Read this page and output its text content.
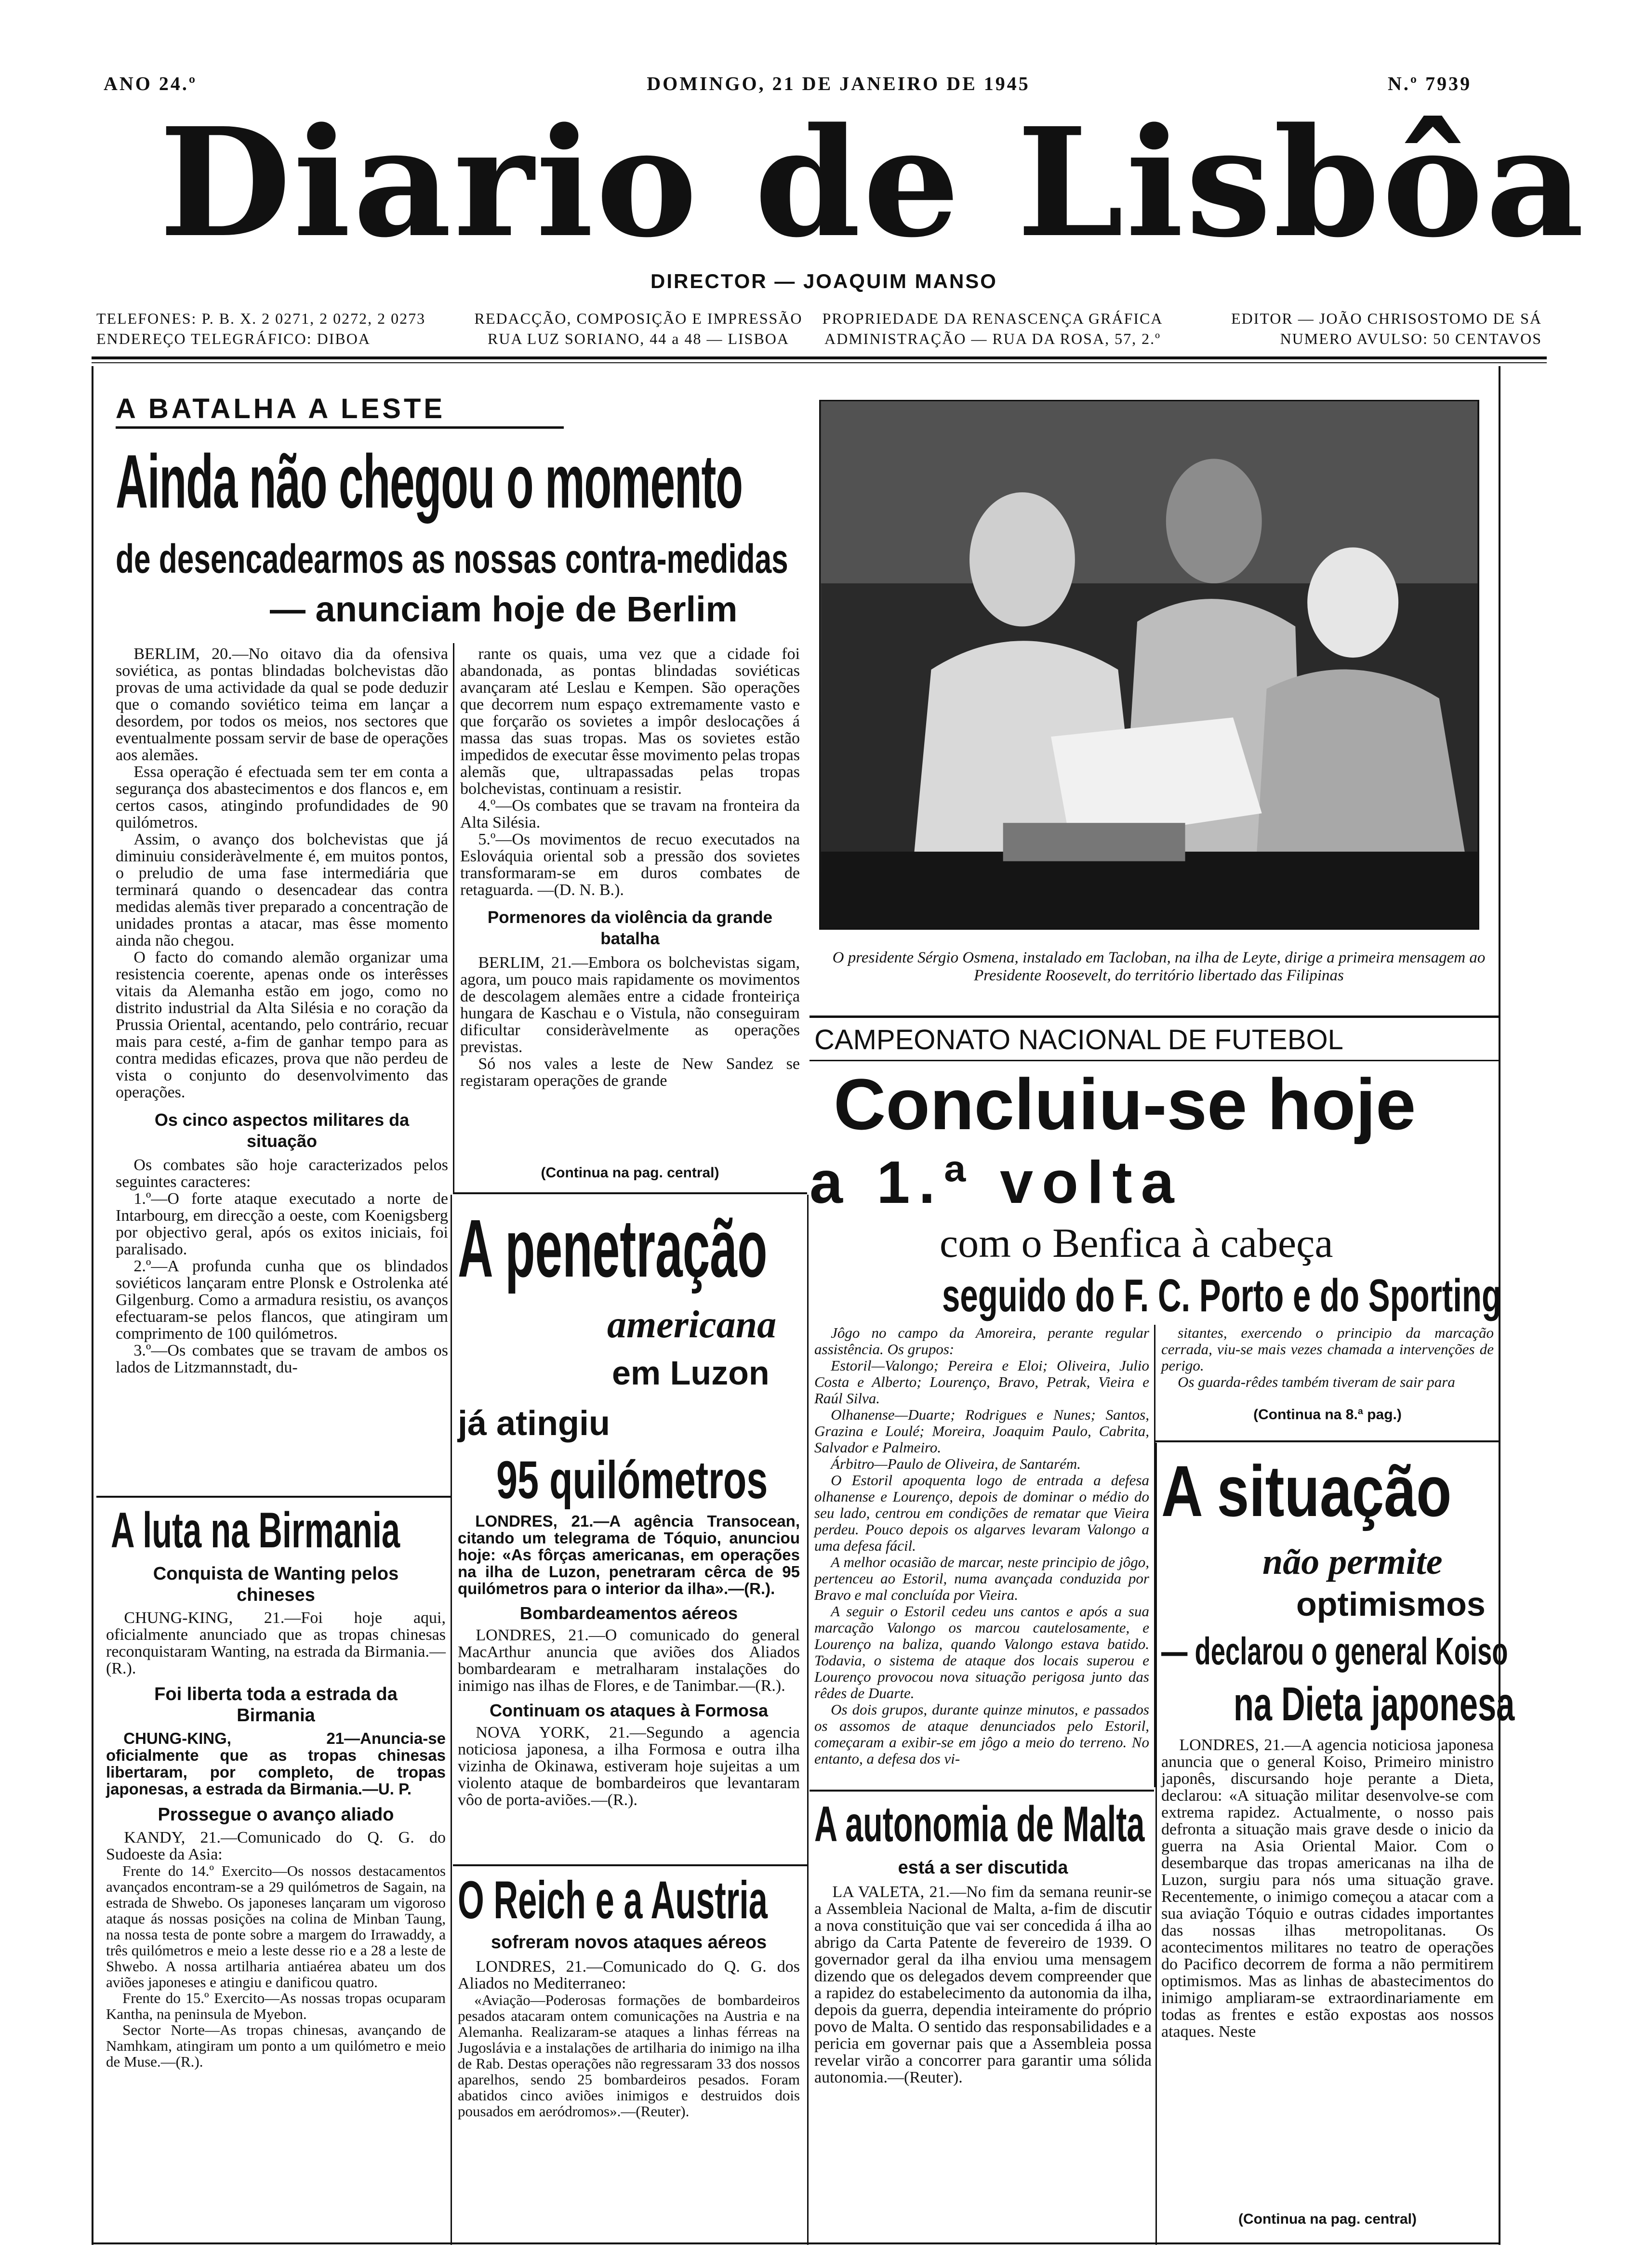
ANO 24.º	DOMINGO, 21 DE JANEIRO DE 1945	N.º 7939
Diario de Lisbôa
DIRECTOR — JOAQUIM MANSO
TELEFONES: P. B. X. 2 0271, 2 0272, 2 0273
ENDEREÇO TELEGRÁFICO: DIBOA
REDACÇÃO, COMPOSIÇÃO E IMPRESSÃO
RUA LUZ SORIANO, 44 a 48 — LISBOA
PROPRIEDADE DA RENASCENÇA GRÁFICA
ADMINISTRAÇÃO — RUA DA ROSA, 57, 2.º
EDITOR — JOÃO CHRISOSTOMO DE SÁ
NUMERO AVULSO: 50 CENTAVOS
A BATALHA A LESTE
Ainda não chegou o momento
de desencadearmos as nossas contra-medidas
— anunciam hoje de Berlim

BERLIM, 20.—No oitavo dia da ofensiva soviética, as pontas blindadas bolchevistas dão provas de uma actividade da qual se pode deduzir que o comando soviético teima em lançar a desordem, por todos os meios, nos sectores que eventualmente possam servir de base de operações aos alemães.

Essa operação é efectuada sem ter em conta a segurança dos abastecimentos e dos flancos e, em certos casos, atingindo profundidades de 90 quilómetros.

Assim, o avanço dos bolchevistas que já diminuiu consideràvelmente é, em muitos pontos, o preludio de uma fase intermediária que terminará quando o desencadear das contra medidas alemãs tiver preparado a concentração de unidades prontas a atacar, mas êsse momento ainda não chegou.

O facto do comando alemão organizar uma resistencia coerente, apenas onde os interêsses vitais da Alemanha estão em jogo, como no distrito industrial da Alta Silésia e no coração da Prussia Oriental, acentando, pelo contrário, recuar mais para cesté, a-fim de ganhar tempo para as contra medidas eficazes, prova que não perdeu de vista o conjunto do desenvolvimento das operações.

Os cinco aspectos militares da situação

Os combates são hoje caracterizados pelos seguintes caracteres:

1.º—O forte ataque executado a norte de Intarbourg, em direcção a oeste, com Koenigsberg por objectivo geral, após os exitos iniciais, foi paralisado.

2.º—A profunda cunha que os blindados soviéticos lançaram entre Plonsk e Ostrolenka até Gilgenburg. Como a armadura resistiu, os avanços efectuaram-se pelos flancos, que atingiram um comprimento de 100 quilómetros.

3.º—Os combates que se travam de ambos os lados de Litzmannstadt, du-

rante os quais, uma vez que a cidade foi abandonada, as pontas blindadas soviéticas avançaram até Leslau e Kempen. São operações que decorrem num espaço extremamente vasto e que forçarão os sovietes a impôr deslocações á massa das suas tropas. Mas os sovietes estão impedidos de executar êsse movimento pelas tropas alemãs que, ultrapassadas pelas tropas bolchevistas, continuam a resistir.

4.º—Os combates que se travam na fronteira da Alta Silésia.

5.º—Os movimentos de recuo executados na Eslováquia oriental sob a pressão dos sovietes transformaram-se em duros combates de retaguarda. —(D. N. B.).

Pormenores da violência da grande batalha

BERLIM, 21.—Embora os bolchevistas sigam, agora, um pouco mais rapidamente os movimentos de descolagem alemães entre a cidade fronteiriça hungara de Kaschau e o Vistula, não conseguiram dificultar consideràvelmente as operações previstas.

Só nos vales a leste de New Sandez se registaram operações de grande

(Continua na pag. central)
O presidente Sérgio Osmena, instalado em Tacloban, na ilha de Leyte, dirige a primeira mensagem ao Presidente Roosevelt, do território libertado das Filipinas
CAMPEONATO NACIONAL DE FUTEBOL
Concluiu-se hoje
a 1.ª volta
com o Benfica à cabeça
seguido do F. C. Porto e do Sporting

Jôgo no campo da Amoreira, perante regular assistência. Os grupos:

Estoril—Valongo; Pereira e Eloi; Oliveira, Julio Costa e Alberto; Lourenço, Bravo, Petrak, Vieira e Raúl Silva.

Olhanense—Duarte; Rodrigues e Nunes; Santos, Grazina e Loulé; Moreira, Joaquim Paulo, Cabrita, Salvador e Palmeiro.

Árbitro—Paulo de Oliveira, de Santarém.

O Estoril apoquenta logo de entrada a defesa olhanense e Lourenço, depois de dominar o médio do seu lado, centrou em condições de rematar que Vieira perdeu. Pouco depois os algarves levaram Valongo a uma defesa fácil.

A melhor ocasião de marcar, neste principio de jôgo, pertenceu ao Estoril, numa avançada conduzida por Bravo e mal concluída por Vieira.

A seguir o Estoril cedeu uns cantos e após a sua marcação Valongo os marcou cautelosamente, e Lourenço na baliza, quando Valongo estava batido. Todavia, o sistema de ataque dos locais superou e Lourenço provocou nova situação perigosa junto das rêdes de Duarte.

Os dois grupos, durante quinze minutos, e passados os assomos de ataque denunciados pelo Estoril, começaram a exibir-se em jôgo a meio do terreno. No entanto, a defesa dos vi-

sitantes, exercendo o principio da marcação cerrada, viu-se mais vezes chamada a intervenções de perigo.

Os guarda-rêdes também tiveram de sair para

(Continua na 8.ª pag.)
A situação
não permite
optimismos
— declarou o general Koiso
na Dieta japonesa

LONDRES, 21.—A agencia noticiosa japonesa anuncia que o general Koiso, Primeiro ministro japonês, discursando hoje perante a Dieta, declarou: «A situação militar desenvolve-se com extrema rapidez. Actualmente, o nosso pais defronta a situação mais grave desde o inicio da guerra na Asia Oriental Maior. Com o desembarque das tropas americanas na ilha de Luzon, surgiu para nós uma situação grave. Recentemente, o inimigo começou a atacar com a sua aviação Tóquio e outras cidades importantes das nossas ilhas metropolitanas. Os acontecimentos militares no teatro de operações do Pacifico decorrem de forma a não permitirem optimismos. Mas as linhas de abastecimentos do inimigo ampliaram-se extraordinariamente em todas as frentes e estão expostas aos nossos ataques. Neste

(Continua na pag. central)
A luta na Birmania
Conquista de Wanting pelos chineses

CHUNG-KING, 21.—Foi hoje aqui, oficialmente anunciado que as tropas chinesas reconquistaram Wanting, na estrada da Birmania.—(R.).

Foi liberta toda a estrada da Birmania

CHUNG-KING, 21—Anuncia-se oficialmente que as tropas chinesas libertaram, por completo, de tropas japonesas, a estrada da Birmania.—U. P.

Prossegue o avanço aliado

KANDY, 21.—Comunicado do Q. G. do Sudoeste da Asia:

Frente do 14.º Exercito—Os nossos destacamentos avançados encontram-se a 29 quilómetros de Sagain, na estrada de Shwebo. Os japoneses lançaram um vigoroso ataque ás nossas posições na colina de Minban Taung, na nossa testa de ponte sobre a margem do Irrawaddy, a três quilómetros e meio a leste desse rio e a 28 a leste de Shwebo. A nossa artilharia antiaérea abateu um dos aviões japoneses e atingiu e danificou quatro.

Frente do 15.º Exercito—As nossas tropas ocuparam Kantha, na peninsula de Myebon.

Sector Norte—As tropas chinesas, avançando de Namhkam, atingiram um ponto a um quilómetro e meio de Muse.—(R.).

A penetração
americana
em Luzon
já atingiu
95 quilómetros

LONDRES, 21.—A agência Transocean, citando um telegrama de Tóquio, anunciou hoje: «As fôrças americanas, em operações na ilha de Luzon, penetraram cêrca de 95 quilómetros para o interior da ilha».—(R.).

Bombardeamentos aéreos

LONDRES, 21.—O comunicado do general MacArthur anuncia que aviões dos Aliados bombardearam e metralharam instalações do inimigo nas ilhas de Flores, e de Tanimbar.—(R.).

Continuam os ataques à Formosa

NOVA YORK, 21.—Segundo a agencia noticiosa japonesa, a ilha Formosa e outra ilha vizinha de Okinawa, estiveram hoje sujeitas a um violento ataque de bombardeiros que levantaram vôo de porta-aviões.—(R.).

O Reich e a Austria
sofreram novos ataques aéreos

LONDRES, 21.—Comunicado do Q. G. dos Aliados no Mediterraneo:

«Aviação—Poderosas formações de bombardeiros pesados atacaram ontem comunicações na Austria e na Alemanha. Realizaram-se ataques a linhas férreas na Jugoslávia e a instalações de artilharia do inimigo na ilha de Rab. Destas operações não regressaram 33 dos nossos aparelhos, sendo 25 bombardeiros pesados. Foram abatidos cinco aviões inimigos e destruidos dois pousados em aeródromos».—(Reuter).

A autonomia de Malta
está a ser discutida

LA VALETA, 21.—No fim da semana reunir-se a Assembleia Nacional de Malta, a-fim de discutir a nova constituição que vai ser concedida á ilha ao abrigo da Carta Patente de fevereiro de 1939. O governador geral da ilha enviou uma mensagem dizendo que os delegados devem compreender que a rapidez do estabelecimento da autonomia da ilha, depois da guerra, dependia inteiramente do próprio povo de Malta. O sentido das responsabilidades e a pericia em governar pais que a Assembleia possa revelar virão a concorrer para garantir uma sólida autonomia.—(Reuter).
